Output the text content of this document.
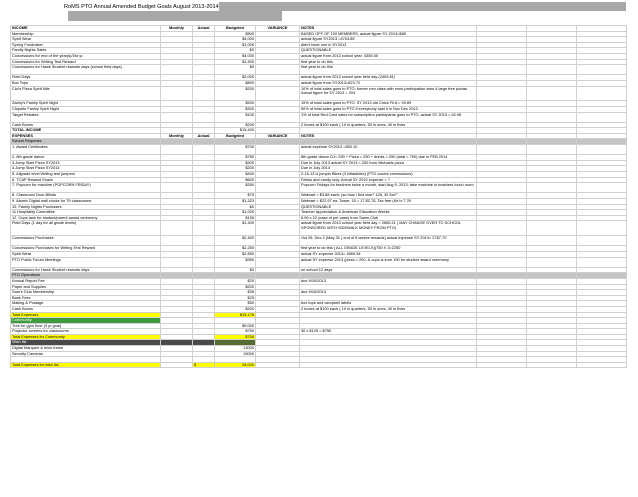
RoMS PTO Annual Amended Budget Goals August 2013-2014
INCOME	Monthly	Actual	Budgeted	VARIANCE	NOTES			
Membership			$500		BASED OFF OF 100 MEMBERS, actual figure SY 2013=$85			
Spirit Wear			$4,000		actual figure SY2013 =4704.89			
Spring Fundraiser			$1,000		didn't have one in SY2013			
Family Nights Sales			$0		QUESTIONABLE			
Concessions for end of the year(s)/3rd yr.			$4,000		actual figure from 2013 school year: 4355.50			
Concessions for Writing Test Reward			$1,400		first year to do this			
Concessions for Hawk Student rewards days (school field days)			$0		first year to do this			
Field Days			$2,000		actual figure from 2013 school year field day (2405.81)			
Box Tops			$800		actual figure from SY2013=623.72			
Cici's Pizza Spirit Nite			$200		10% of total sales goes to PTO; former rom class with most participation wins 4 large free pizzas. Actual figure for SY 2013 = 204			
Zaxby's Family Spirit Night			$200		15% of total sales goes to PTO. SY 2013 did Chick Fil A = 90.89			
Chipotle Family Spirit Night			$300		50% of total sales goes to PTO if everybody said it in Nov Dec 2013			
Target Rebates			$100		1% of total Red Card sales for subscription participants goes to PTO, actual SY 2013 = 62.98			
Cash Boxes			$200		2 boxes at $100 each ( 10 in quarters, 50 in ones, 40 in fives			
TOTAL INCOME			$15,400					
EXPENSES	Monthly	Actual	Budgeted	VARIANCE	NOTES			
School Requests								
1. Award Certificates			$700		actual expense SY2013 =853.10			
2. 8th grade dance			$750		8th grade dance DJ= 250 + Pizza = 250 + drinks = 250 (total = 750) due in FEB 2014			
3.Jump Start Pizza SY2013			$200		Due in July 2013 actual SY 2013 = 200 from Michaels pizza			
4.Jump Start Pizza SY2014			$200		Due in July 2014			
5. Allgrade level Writing test jumpers			$400		2-15-13 U jumpin Bikes (3 inflatables) (PTO covers concessions)			
6. TCAP Reward Snack			$600		Drinks and candy only. Actual SY 2012 expense = ?			
7. Popcorn for machine (POPCORN FRIDAY)			$350		Popcorn Fridays for teachers twice a month, start Aug 9, 2013; take machine to teachers lunch room			
8. Classroom Door Blinds			$75		Walmart = $3.88 each; (so how i find size? 128, 32.5x4"'			
9. Atomic Digital wall clocks for 75 classrooms			$1,323		Walmart = $22.97 ea. Tower, 15 = 17 $2.75, Tax free (it's tx T 20			
10. Family Nights Purchases			$0		QUESTIONABLE			
11.Hospitality Committee			$1,000		Teacher Appreciation & American Education Weeks			
12. Cups tank for student/parent award ceremony			$155		6.99 x 22 (case of per case) from Sams Club			
Field Days (1 day for all grade levels)			$1,400		actual figure from 2013 school year field day = 2650.21 ( MAY CHANGE OVER TO SCHOOL SPONSORED WITH SIDEWALK MONEY FROM PTO)			
Concessions Purchases			$2,400		Oct 26, Dec 2 (May 31 ( end of 8 weeks rewards) actual expense SY 2013= 2787.70			
Concessions Purchases for Writing Test Reward			$2,250		first year to do this ( ALL GRADE LEVELS)(750 X 3=2250			
Spirit Wear			$2,850		actual SY expense 2013= 4669.54			
PTO Public Forum Meetings			$350		actual SY expense 2013 (pizza = 200, & cups is sure 150 for student award ceremony			
Concessions for Hawk Student rewards days			$0		on school 12 days			
PTO Operations								
Annual Report Fee			$20		due 9/10/2013			
Paper and Supplies			$200					
Sam's Club Membership			$35		due 9/10/2013			
Bank Fees			$25					
Mailing & Postage			$50		box tops and campbell labels			
Cash Boxes			$200		2 boxes at $100 each ( 10 in quarters, 50 in ones, 40 in fives			
Total Expenses			$15,176					
Community								
Tree for gym floor (3 yr goal)			$9,000					
Projector screens for classrooms			$750		30 x $125 = $750			
Total Expenses for Community			$750					
Wish list								
Digital Marquee & brick frame			13000					
Security Cameras			15000					

Total Expenses for wish list		$	28,000					
